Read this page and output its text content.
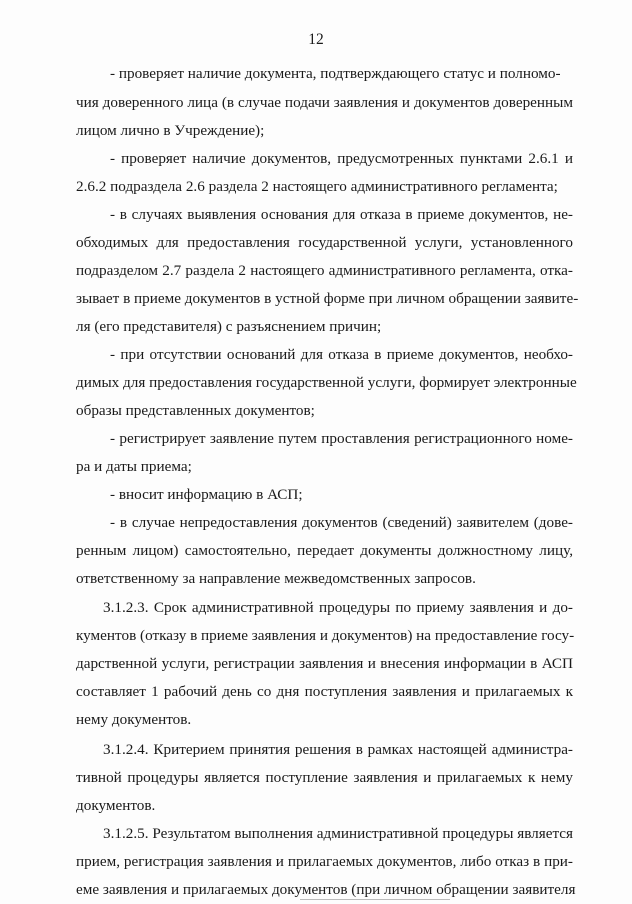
12
- проверяет наличие документа, подтверждающего статус и полномо-
чия доверенного лица (в случае подачи заявления и документов доверенным
лицом лично в Учреждение);
- проверяет наличие документов, предусмотренных пунктами 2.6.1 и
2.6.2 подраздела 2.6 раздела 2 настоящего административного регламента;
- в случаях выявления основания для отказа в приеме документов, не-
обходимых для предоставления государственной услуги, установленного
подразделом 2.7 раздела 2 настоящего административного регламента, отка-
зывает в приеме документов в устной форме при личном обращении заявите-
ля (его представителя) с разъяснением причин;
- при отсутствии оснований для отказа в приеме документов, необхо-
димых для предоставления государственной услуги, формирует электронные
образы представленных документов;
- регистрирует заявление путем проставления регистрационного номе-
ра и даты приема;
- вносит информацию в АСП;
- в случае непредоставления документов (сведений) заявителем (дове-
ренным лицом) самостоятельно, передает документы должностному лицу,
ответственному за направление межведомственных запросов.
3.1.2.3. Срок административной процедуры по приему заявления и до-
кументов (отказу в приеме заявления и документов) на предоставление госу-
дарственной услуги, регистрации заявления и внесения информации в АСП
составляет 1 рабочий день со дня поступления заявления и прилагаемых к
нему документов.
3.1.2.4. Критерием принятия решения в рамках настоящей администра-
тивной процедуры является поступление заявления и прилагаемых к нему
документов.
3.1.2.5. Результатом выполнения административной процедуры является
прием, регистрация заявления и прилагаемых документов, либо отказ в при-
еме заявления и прилагаемых документов (при личном обращении заявителя
